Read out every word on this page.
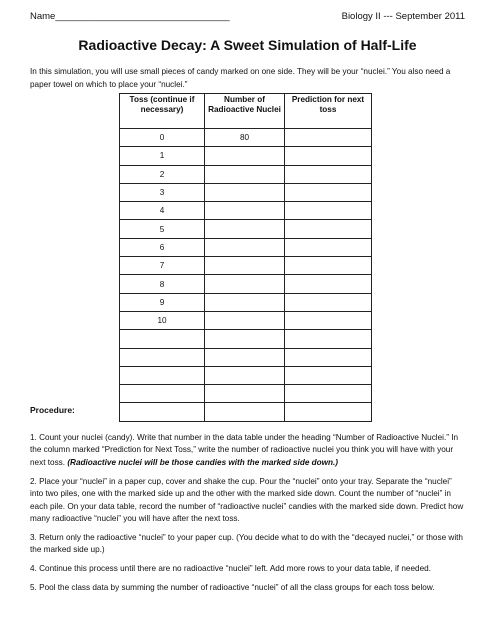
Name_________________________________	Biology II --- September 2011
Radioactive Decay: A Sweet Simulation of Half-Life
In this simulation, you will use small pieces of candy marked on one side. They will be your “nuclei.” You also need a paper towel on which to place your “nuclei.”
Toss (continue if necessary)	Number of Radioactive Nuclei	Prediction for next toss
0	80	
1		
2		
3		
4		
5		
6		
7		
8		
9		
10		

Procedure:

1. Count your nuclei (candy). Write that number in the data table under the heading “Number of Radioactive Nuclei.” In the column marked “Prediction for Next Toss,” write the number of radioactive nuclei you think you will have with your next toss. (Radioactive nuclei will be those candies with the marked side down.)

2. Place your “nuclei” in a paper cup, cover and shake the cup. Pour the “nuclei” onto your tray. Separate the “nuclei” into two piles, one with the marked side up and the other with the marked side down. Count the number of “nuclei” in each pile. On your data table, record the number of “radioactive nuclei” candies with the marked side down. Predict how many radioactive “nuclei” you will have after the next toss.

3. Return only the radioactive “nuclei” to your paper cup. (You decide what to do with the “decayed nuclei,” or those with the marked side up.)

4. Continue this process until there are no radioactive “nuclei” left. Add more rows to your data table, if needed.

5. Pool the class data by summing the number of radioactive “nuclei” of all the class groups for each toss below.
